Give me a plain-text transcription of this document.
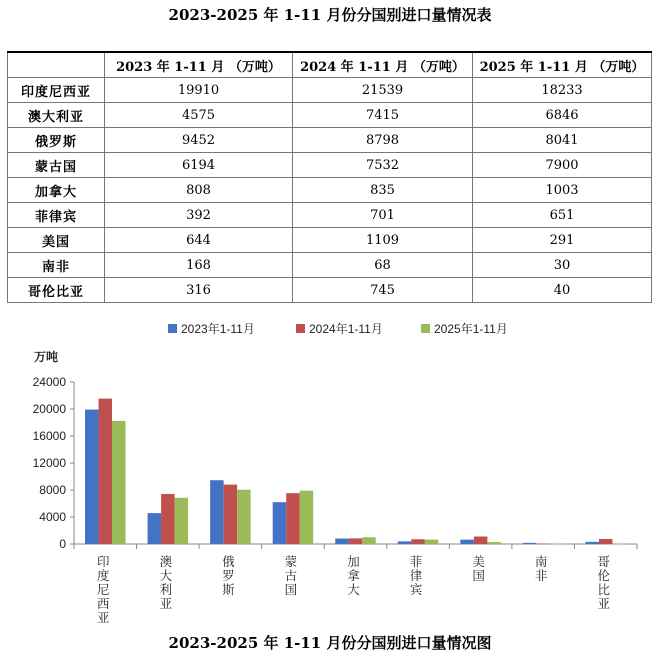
2023-2025 年 1-11 月份分国别进口量情况表
	2023 年 1-11 月 （万吨）	2024 年 1-11 月 （万吨）	2025 年 1-11 月 （万吨）
印度尼西亚	19910	21539	18233
澳大利亚	4575	7415	6846
俄罗斯	9452	8798	8041
蒙古国	6194	7532	7900
加拿大	808	835	1003
菲律宾	392	701	651
美国	644	1109	291
南非	168	68	30
哥伦比亚	316	745	40
2023年1-11月	2024年1-11月	2025年1-11月
万吨
0
4000
8000
12000
16000
20000
24000
印
度
尼
西
亚
澳
大
利
亚
俄
罗
斯
蒙
古
国
加
拿
大
菲
律
宾
美
国
南
非
哥
伦
比
亚
2023-2025 年 1-11 月份分国别进口量情况图
